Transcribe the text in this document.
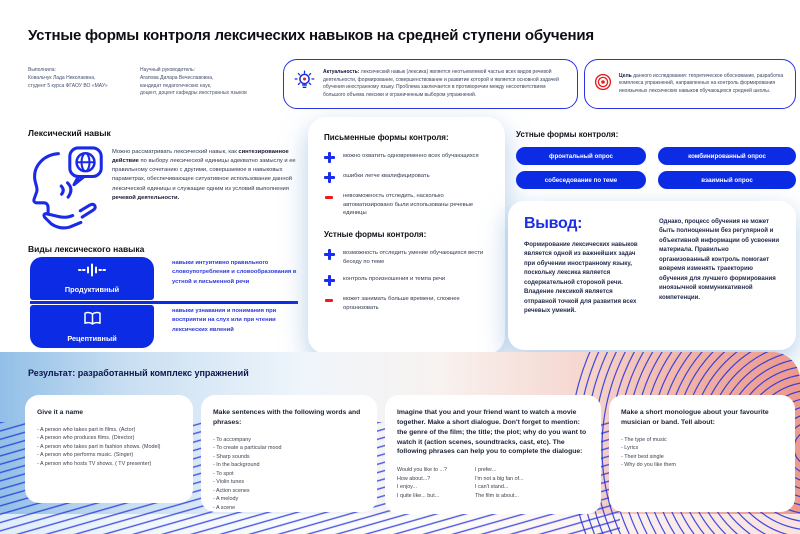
Устные формы контроля лексических навыков на средней ступени обучения
Выполнила:
Ковальчук Лада Николаевна,
студент 5 курса ФГАОУ ВО «МАУ»
Научный руководитель:
Агапова Дилара Вечеславовна,
кандидат педагогических наук,
доцент, доцент кафедры иностранных языков
Актуальность: лексический навык (лексика) является неотъемлемой частью всех видов речевой деятельности, формирование, совершенствование и развитие которой и является основной задачей обучения иностранному языку. Проблема заключается в противоречии между несоответствием большого объема лексики и ограниченным выбором упражнений.
Цель данного исследования: теоретическое обоснование, разработка комплекса упражнений, направленных на контроль формирования иноязычных лексических навыков обучающихся средней школы.
Лексический навык
Можно рассматривать лексический навык, как синтезированное действие по выбору лексической единицы адекватно замыслу и ее правильному сочетанию с другими, совершаемое в навыковых параметрах, обеспечивающее ситуативное использование данной лексической единицы и служащие одним из условий выполнения речевой деятельности.
Виды лексического навыка
Продуктивный
Рецептивный
навыки интуитивно правильного словоупотребления и словообразования в устной и письменной речи
навыки узнавания и понимания при восприятии на слух или при чтении лексических явлений
Письменные формы контроля:
можно охватить одновременно всех обучающихся
ошибки легче квалифицировать
невозможность отследить, насколько автоматизировано были использованы речевые единицы
Устные формы контроля:
возможность отследить умение обучающихся вести беседу по теме
контроль произношения и темпа речи
может занимать больше времени, сложнее организовать
Устные формы контроля:
фронтальный опрос	комбинированный опрос
собеседование по теме	взаимный опрос
Вывод:
Формирование лексических навыков является одной из важнейших задач при обучении иностранному языку, поскольку лексика является содержательной стороной речи. Владение лексикой является отправной точкой для развития всех речевых умений.
Однако, процесс обучения не может быть полноценным без регулярной и объективной информации об усвоении материала. Правильно организованный контроль помогает вовремя изменять траекторию обучения для лучшего формирования иноязычной коммуникативной компетенции.
Результат: разработанный комплекс упражнений
Give it a name
- A person who takes part in films. (Actor)
- A person who produces films. (Director)
- A person who takes part in fashion shows. (Model)
- A person who performs music. (Singer)
- A person who hosts TV shows. ( TV presenter)
Make sentences with the following words and phrases:
- To accompany
- To create a particular mood
- Sharp sounds
- In the background
- To spot
- Violin tunes
- Action scenes
- A melody
- A scene
Imagine that you and your friend want to watch a movie together. Make a short dialogue. Don't forget to mention: the genre of the film; the title; the plot; why do you want to watch it (action scenes, soundtracks, cast, etc). The following phrases can help you to complete the dialogue:
Would you like to ...?
How about...?
I enjoy...
I quite like... but...
I prefer...
I'm not a big fan of...
I can't stand...
The film is about...
Make a short monologue about your favourite musician or band. Tell about:
- The type of music
- Lyrics
- Their best single
- Why do you like them
